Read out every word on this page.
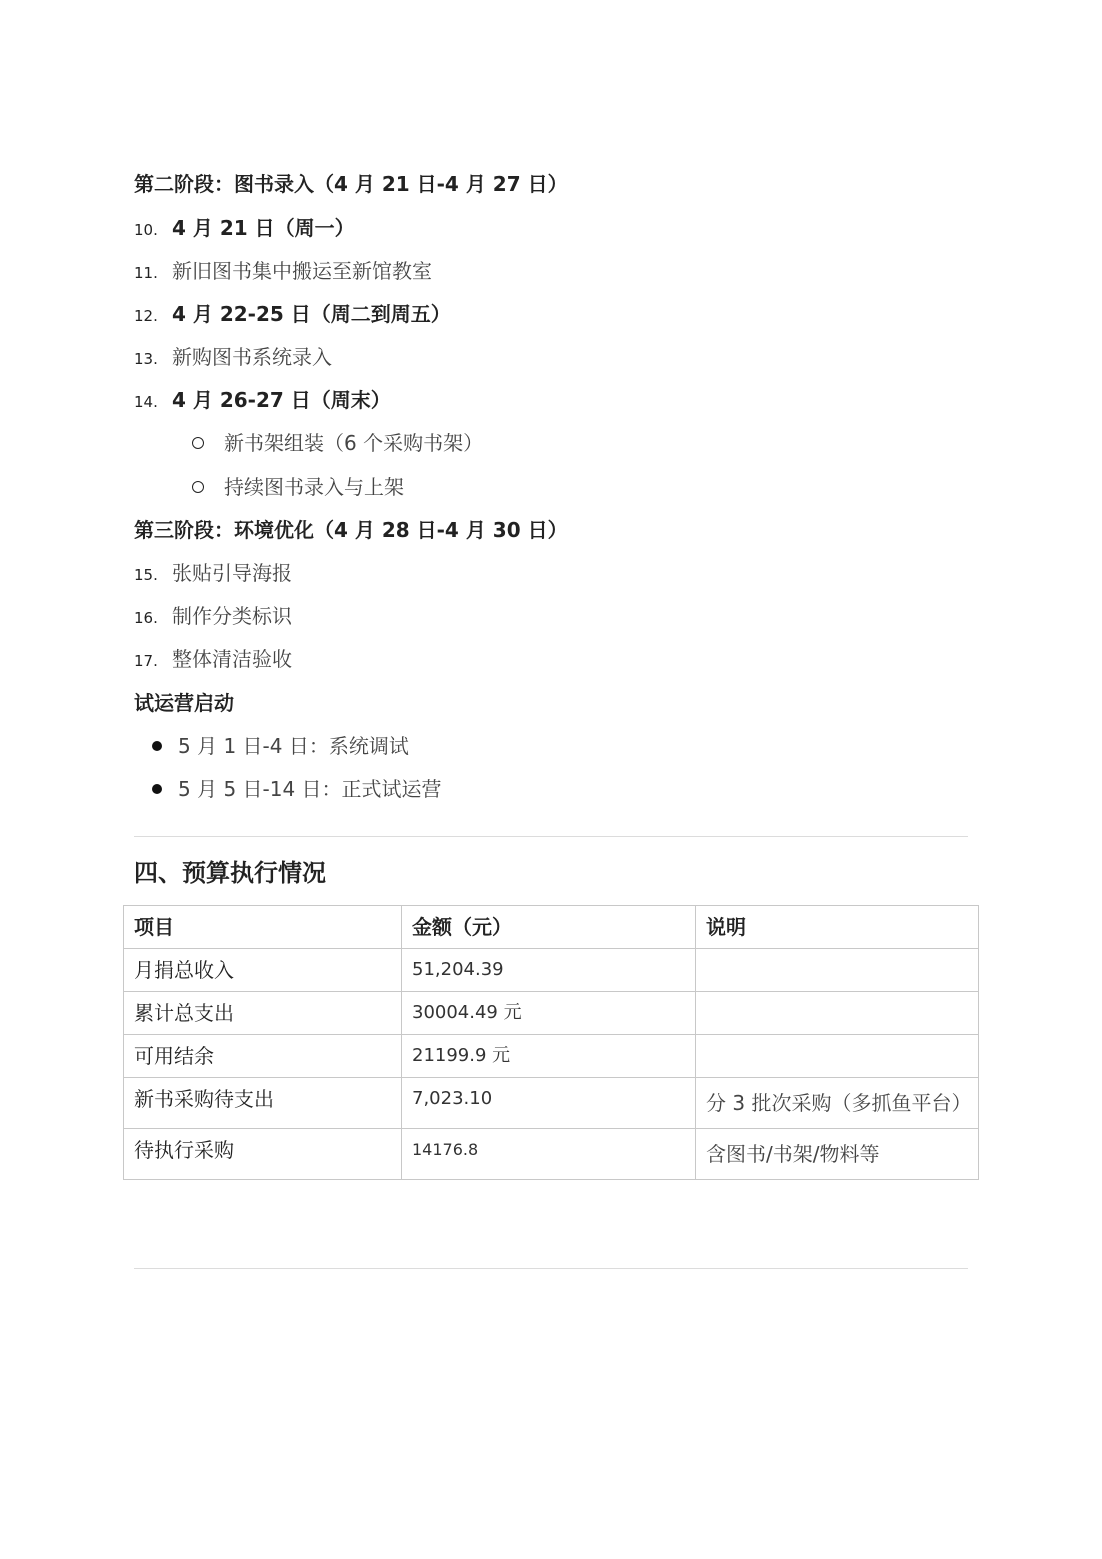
第二阶段：图书录入（4 月 21 日-4 月 27 日）
10. 4 月 21 日（周一）
11. 新旧图书集中搬运至新馆教室
12. 4 月 22-25 日（周二到周五）
13. 新购图书系统录入
14. 4 月 26-27 日（周末）
新书架组装（6 个采购书架）
持续图书录入与上架
第三阶段：环境优化（4 月 28 日-4 月 30 日）
15. 张贴引导海报
16. 制作分类标识
17. 整体清洁验收
试运营启动
5 月 1 日-4 日：系统调试
5 月 5 日-14 日：正式试运营
四、预算执行情况
项目	金额（元）	说明
月捐总收入	51,204.39	
累计总支出	30004.49 元	
可用结余	21199.9 元	
新书采购待支出	7,023.10	分 3 批次采购（多抓鱼平台）
待执行采购	14176.8	含图书/书架/物料等
